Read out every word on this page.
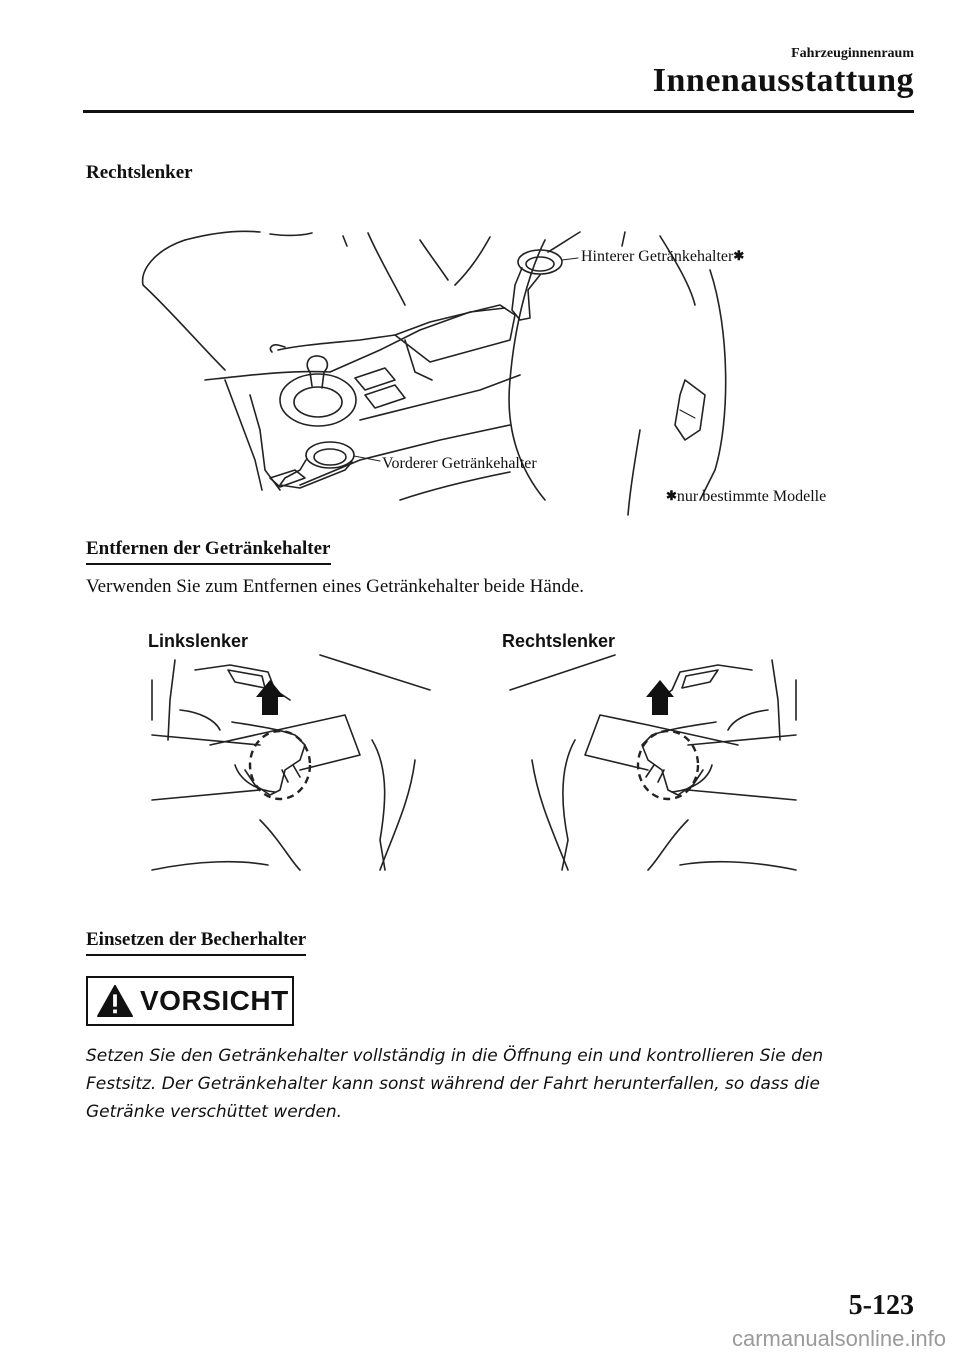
Fahrzeuginnenraum
Innenausstattung
Rechtslenker
Hinterer Getränkehalter✱
Vorderer Getränkehalter
✱nur bestimmte Modelle
Entfernen der Getränkehalter
Verwenden Sie zum Entfernen eines Getränkehalter beide Hände.
Linkslenker	Rechtslenker
Einsetzen der Becherhalter
VORSICHT
Setzen Sie den Getränkehalter vollständig in die Öffnung ein und kontrollieren Sie den Festsitz. Der Getränkehalter kann sonst während der Fahrt herunterfallen, so dass die Getränke verschüttet werden.
5-123
carmanualsonline.info
